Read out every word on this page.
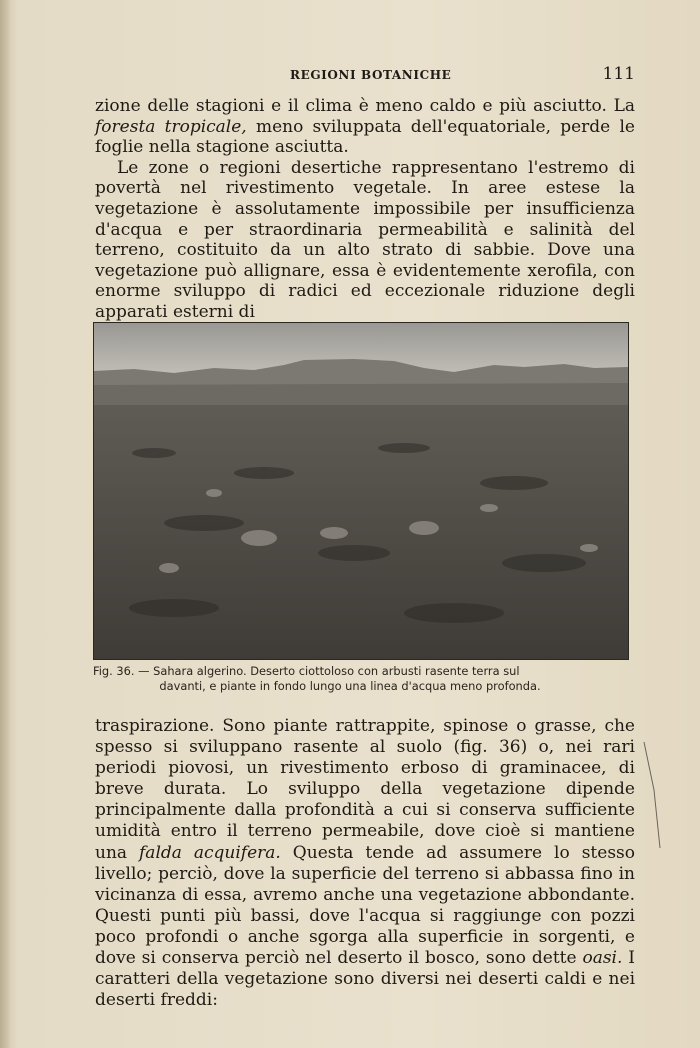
REGIONI BOTANICHE	111

zione delle stagioni e il clima è meno caldo e più asciutto. La foresta tropicale, meno sviluppata dell'equatoriale, perde le foglie nella stagione asciutta.

Le zone o regioni desertiche rappresentano l'estremo di povertà nel rivestimento vegetale. In aree estese la vegetazione è assolutamente impossibile per insufficienza d'acqua e per straordinaria permeabilità e salinità del terreno, costituito da un alto strato di sabbie. Dove una vegetazione può allignare, essa è evidentemente xerofila, con enorme sviluppo di radici ed eccezionale riduzione degli apparati esterni di

Fig. 36. — Sahara algerino. Deserto ciottoloso con arbusti rasente terra sul
davanti, e piante in fondo lungo una linea d'acqua meno profonda.

traspirazione. Sono piante rattrappite, spinose o grasse, che spesso si sviluppano rasente al suolo (fig. 36) o, nei rari periodi piovosi, un rivestimento erboso di graminacee, di breve durata. Lo sviluppo della vegetazione dipende principalmente dalla profondità a cui si conserva sufficiente umidità entro il terreno permeabile, dove cioè si mantiene una falda acquifera. Questa tende ad assumere lo stesso livello; perciò, dove la superficie del terreno si abbassa fino in vicinanza di essa, avremo anche una vegetazione abbondante. Questi punti più bassi, dove l'acqua si raggiunge con pozzi poco profondi o anche sgorga alla superficie in sorgenti, e dove si conserva perciò nel deserto il bosco, sono dette oasi. I caratteri della vegetazione sono diversi nei deserti caldi e nei deserti freddi:
